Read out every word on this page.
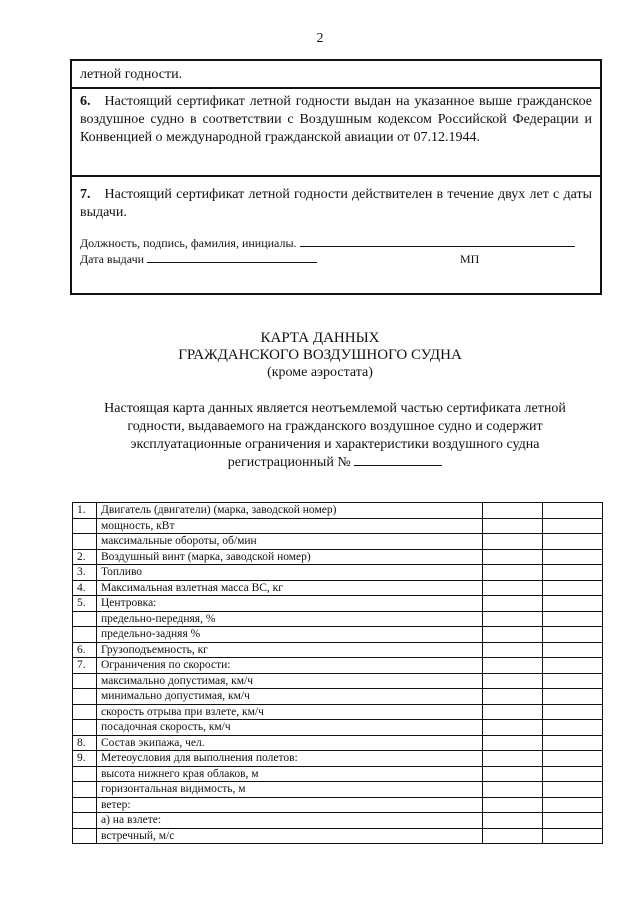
2

летной годности.

6. Настоящий сертификат летной годности выдан на указанное выше гражданское воздушное судно в соответствии с Воздушным кодексом Российской Федерации и Конвенцией о международной гражданской авиации от 07.12.1944.

7. Настоящий сертификат летной годности действителен в течение двух лет с даты выдачи.

Должность, подпись, фамилия, инициалы.
Дата выдачи	МП
КАРТА ДАННЫХ
ГРАЖДАНСКОГО ВОЗДУШНОГО СУДНА
(кроме аэростата)
Настоящая карта данных является неотъемлемой частью сертификата летной
годности, выдаваемого на гражданского воздушное судно и содержит
эксплуатационные ограничения и характеристики воздушного судна
регистрационный №
1.	Двигатель (двигатели) (марка, заводской номер)		
	мощность, кВт		
	максимальные обороты, об/мин		
2.	Воздушный винт (марка, заводской номер)		
3.	Топливо		
4.	Максимальная взлетная масса ВС, кг		
5.	Центровка:		
	предельно-передняя, %		
	предельно-задняя %		
6.	Грузоподъемность, кг		
7.	Ограничения по скорости:		
	максимально допустимая, км/ч		
	минимально допустимая, км/ч		
	скорость отрыва при взлете, км/ч		
	посадочная скорость, км/ч		
8.	Состав экипажа, чел.		
9.	Метеоусловия для выполнения полетов:		
	высота нижнего края облаков, м		
	горизонтальная видимость, м		
	ветер:		
	а) на взлете:		
	встречный, м/с		
